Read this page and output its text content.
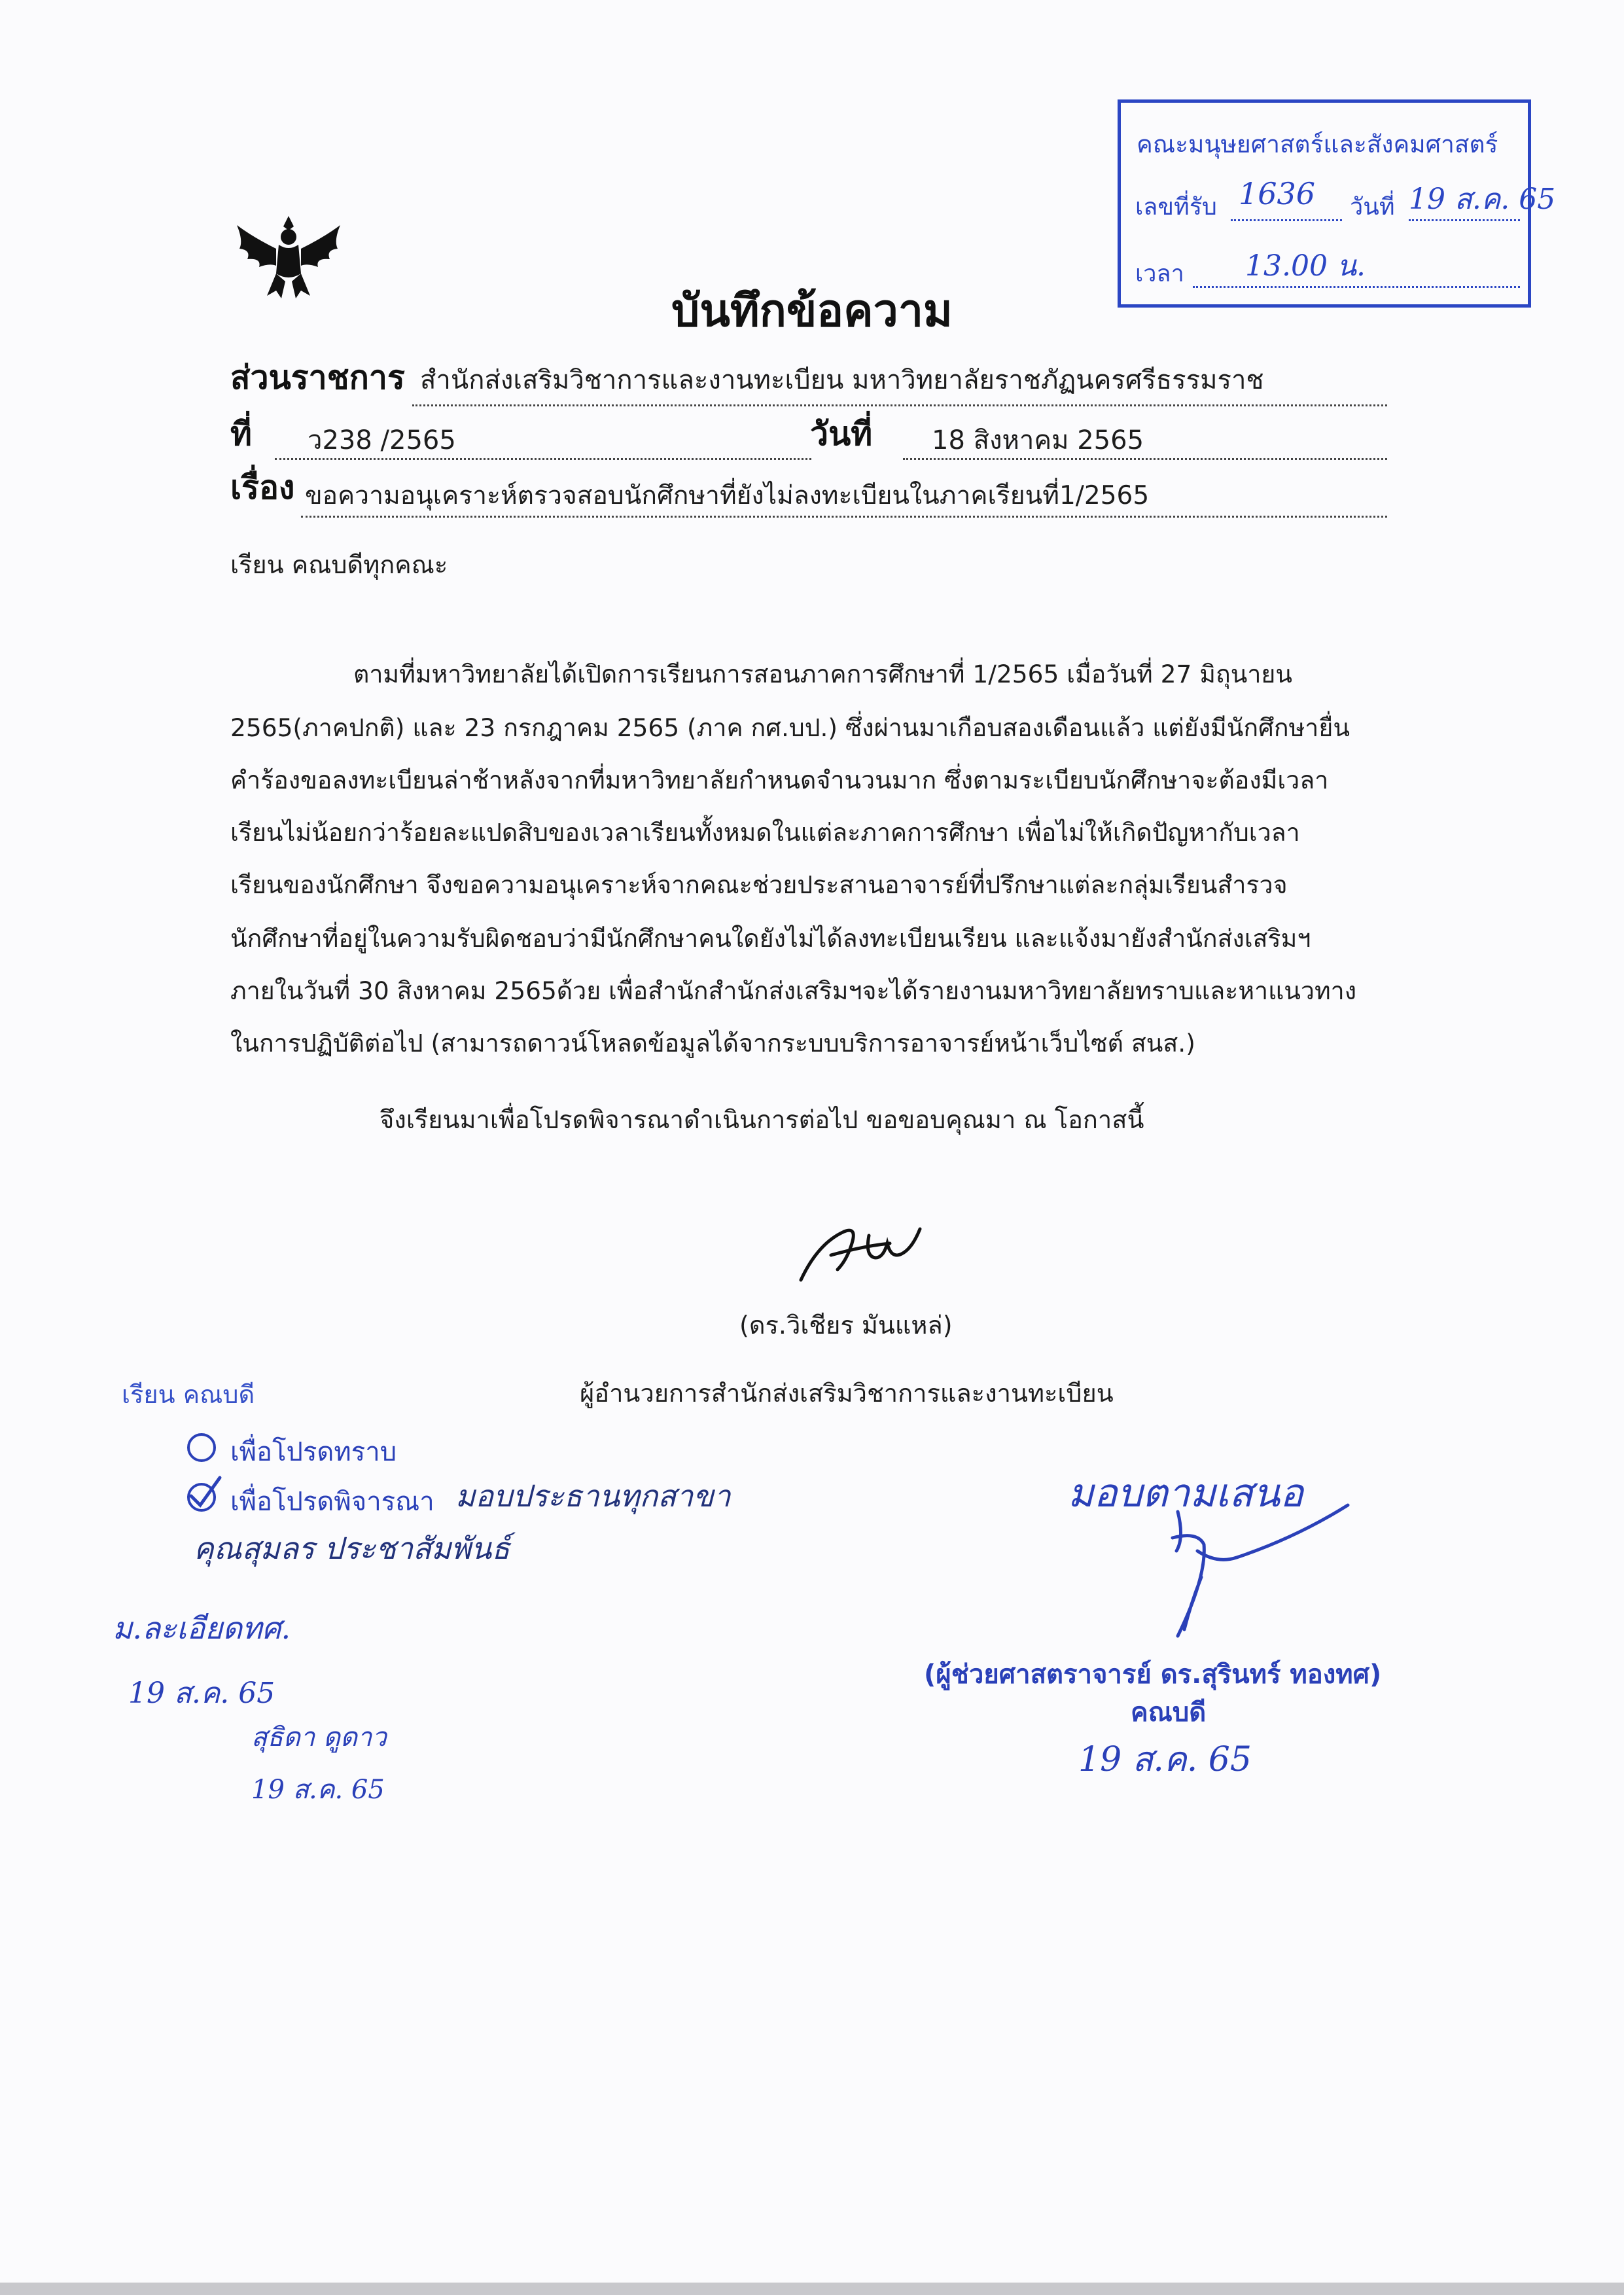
คณะมนุษยศาสตร์และสังคมศาสตร์
เลขที่รับ 1636 วันที่ 19 ส.ค. 65
เวลา 13.00 น.
บันทึกข้อความ
ส่วนราชการ สำนักส่งเสริมวิชาการและงานทะเบียน มหาวิทยาลัยราชภัฏนครศรีธรรมราช
ที่ ว238 /2565	วันที่ 18 สิงหาคม 2565
เรื่อง ขอความอนุเคราะห์ตรวจสอบนักศึกษาที่ยังไม่ลงทะเบียนในภาคเรียนที่1/2565
เรียน คณบดีทุกคณะ
ตามที่มหาวิทยาลัยได้เปิดการเรียนการสอนภาคการศึกษาที่ 1/2565 เมื่อวันที่ 27 มิถุนายน
2565(ภาคปกติ) และ 23 กรกฎาคม 2565 (ภาค กศ.บป.) ซึ่งผ่านมาเกือบสองเดือนแล้ว แต่ยังมีนักศึกษายื่น
คำร้องขอลงทะเบียนล่าช้าหลังจากที่มหาวิทยาลัยกำหนดจำนวนมาก ซึ่งตามระเบียบนักศึกษาจะต้องมีเวลา
เรียนไม่น้อยกว่าร้อยละแปดสิบของเวลาเรียนทั้งหมดในแต่ละภาคการศึกษา เพื่อไม่ให้เกิดปัญหากับเวลา
เรียนของนักศึกษา จึงขอความอนุเคราะห์จากคณะช่วยประสานอาจารย์ที่ปรึกษาแต่ละกลุ่มเรียนสำรวจ
นักศึกษาที่อยู่ในความรับผิดชอบว่ามีนักศึกษาคนใดยังไม่ได้ลงทะเบียนเรียน และแจ้งมายังสำนักส่งเสริมฯ
ภายในวันที่ 30 สิงหาคม 2565ด้วย เพื่อสำนักสำนักส่งเสริมฯจะได้รายงานมหาวิทยาลัยทราบและหาแนวทาง
ในการปฏิบัติต่อไป (สามารถดาวน์โหลดข้อมูลได้จากระบบบริการอาจารย์หน้าเว็บไซต์ สนส.)
จึงเรียนมาเพื่อโปรดพิจารณาดำเนินการต่อไป ขอขอบคุณมา ณ โอกาสนี้
(ดร.วิเชียร มันแหล่)
ผู้อำนวยการสำนักส่งเสริมวิชาการและงานทะเบียน
เรียน คณบดี
เพื่อโปรดทราบ
เพื่อโปรดพิจารณา มอบประธานทุกสาขา
คุณสุมลร ประชาสัมพันธ์
ม.ละเอียดทศ.
19 ส.ค. 65
สุธิดา ดูดาว
19 ส.ค. 65
มอบตามเสนอ
(ผู้ช่วยศาสตราจารย์ ดร.สุรินทร์ ทองทศ)
คณบดี
19 ส.ค. 65
